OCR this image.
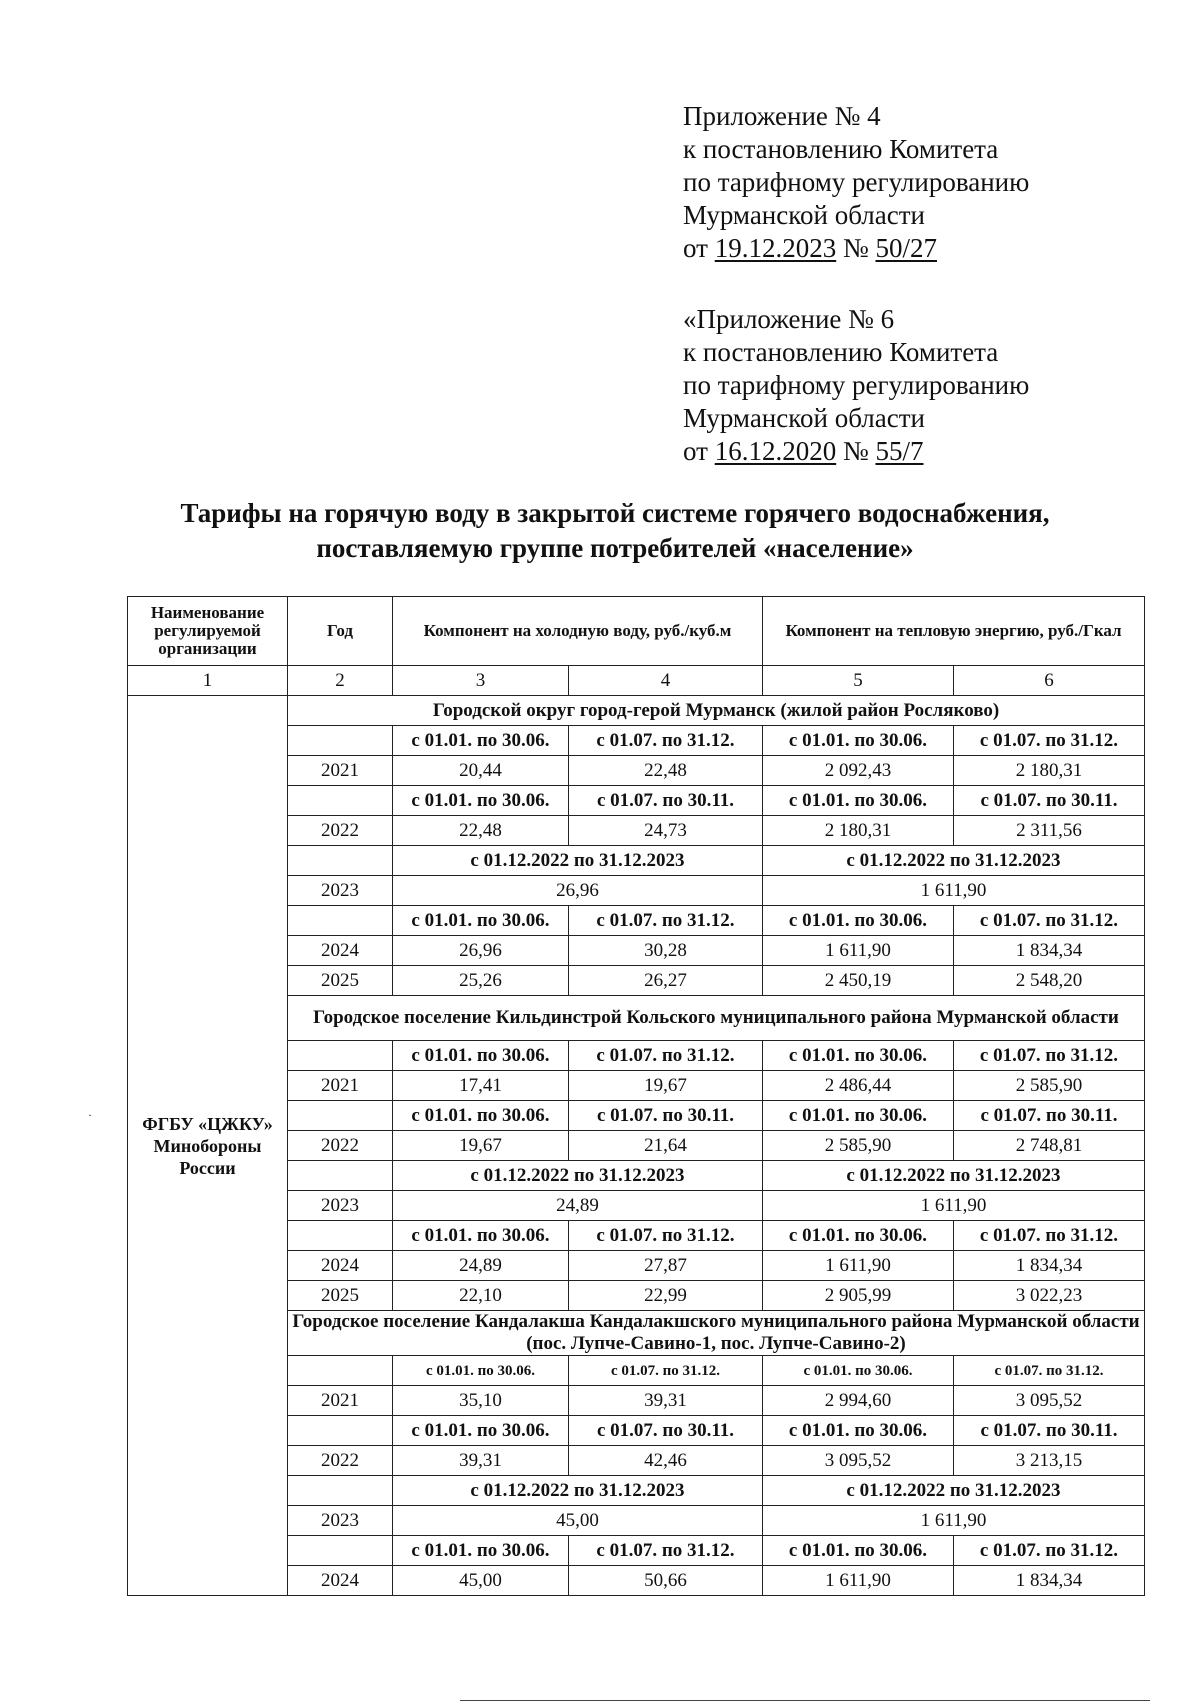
Приложение № 4
к постановлению Комитета
по тарифному регулированию
Мурманской области
от 19.12.2023 № 50/27
«Приложение № 6
к постановлению Комитета
по тарифному регулированию
Мурманской области
от 16.12.2020 № 55/7
Тарифы на горячую воду в закрытой системе горячего водоснабжения,
поставляемую группе потребителей «население»
·
Наименование регулируемой организации	Год	Компонент на холодную воду, руб./куб.м		Компонент на тепловую энергию, руб./Гкал	
1	2	3	4	5	6
ФГБУ «ЦЖКУ» Минобороны России	Городской округ город-герой Мурманск (жилой район Росляково)				
		с 01.01. по 30.06.	с 01.07. по 31.12.	с 01.01. по 30.06.	с 01.07. по 31.12.
	2021	20,44	22,48	2 092,43	2 180,31
		с 01.01. по 30.06.	с 01.07. по 30.11.	с 01.01. по 30.06.	с 01.07. по 30.11.
	2022	22,48	24,73	2 180,31	2 311,56
		с 01.12.2022 по 31.12.2023		с 01.12.2022 по 31.12.2023	
	2023	26,96		1 611,90	
		с 01.01. по 30.06.	с 01.07. по 31.12.	с 01.01. по 30.06.	с 01.07. по 31.12.
	2024	26,96	30,28	1 611,90	1 834,34
	2025	25,26	26,27	2 450,19	2 548,20
	Городское поселение Кильдинстрой Кольского муниципального района Мурманской области				
		с 01.01. по 30.06.	с 01.07. по 31.12.	с 01.01. по 30.06.	с 01.07. по 31.12.
	2021	17,41	19,67	2 486,44	2 585,90
		с 01.01. по 30.06.	с 01.07. по 30.11.	с 01.01. по 30.06.	с 01.07. по 30.11.
	2022	19,67	21,64	2 585,90	2 748,81
		с 01.12.2022 по 31.12.2023		с 01.12.2022 по 31.12.2023	
	2023	24,89		1 611,90	
		с 01.01. по 30.06.	с 01.07. по 31.12.	с 01.01. по 30.06.	с 01.07. по 31.12.
	2024	24,89	27,87	1 611,90	1 834,34
	2025	22,10	22,99	2 905,99	3 022,23
	Городское поселение Кандалакша Кандалакшского муниципального района Мурманской области (пос. Лупче-Савино-1, пос. Лупче-Савино-2)				
		с 01.01. по 30.06.	с 01.07. по 31.12.	с 01.01. по 30.06.	с 01.07. по 31.12.
	2021	35,10	39,31	2 994,60	3 095,52
		с 01.01. по 30.06.	с 01.07. по 30.11.	с 01.01. по 30.06.	с 01.07. по 30.11.
	2022	39,31	42,46	3 095,52	3 213,15
		с 01.12.2022 по 31.12.2023		с 01.12.2022 по 31.12.2023	
	2023	45,00		1 611,90	
		с 01.01. по 30.06.	с 01.07. по 31.12.	с 01.01. по 30.06.	с 01.07. по 31.12.
	2024	45,00	50,66	1 611,90	1 834,34
